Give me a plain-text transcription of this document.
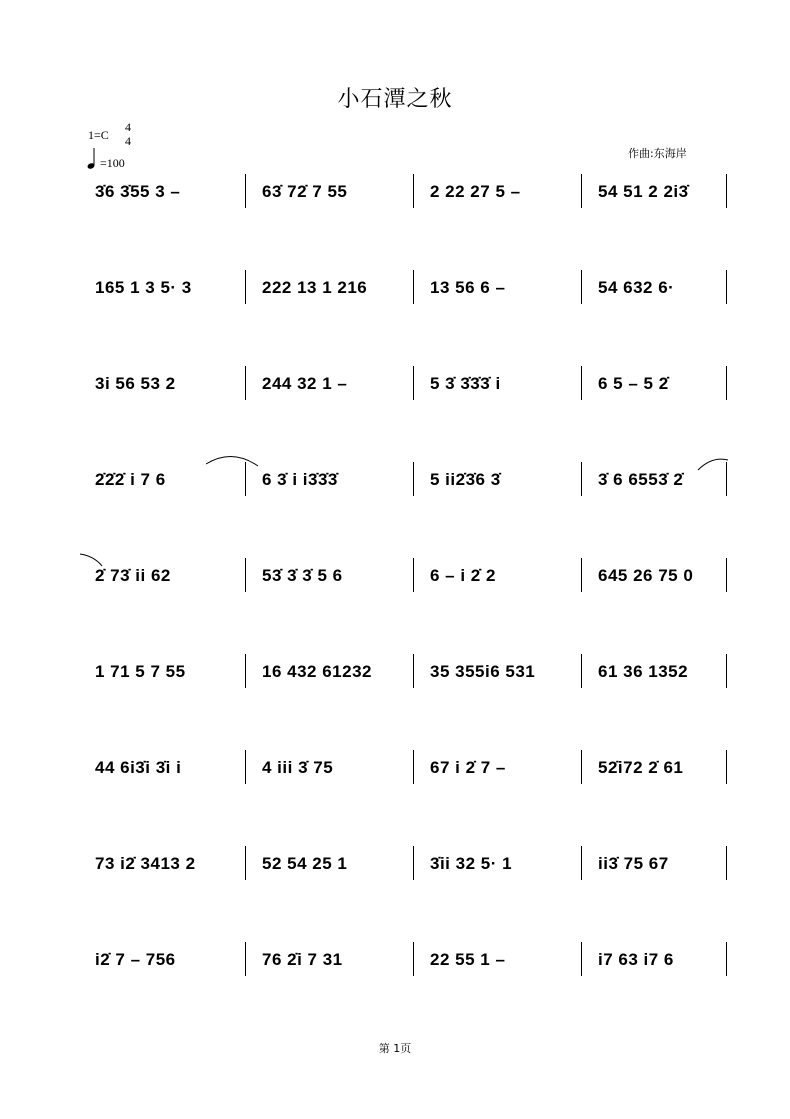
小石潭之秋
1=C
4
4
=100
作曲:东海岸
3̇6 3̇55 3 –	63̇ 72̇ 7 55	2 22 27 5 –	54 51 2 2i3̇
165 1 3 5· 3	222 13 1 216	13 56 6 –	54 632 6·
3i 56 53 2	244 32 1 –	5 3̇ 3̇3̇3̇ i	6 5 – 5 2̇
2̇2̇2̇ i 7 6	6 3̇ i i3̇3̇3̇	5 ii2̇3̇6 3̇	3̇ 6 6553̇ 2̇
2̇ 73̇ ii 62	53̇ 3̇ 3̇ 5 6	6 – i 2̇ 2	645 26 75 0
1 71 5 7 55	16 432 61232	35 355i6 531	61 36 1352
44 6i3̇i 3̇i i	4 iii 3̇ 75	67 i 2̇ 7 –	52̇i72 2̇ 61
73 i2̇ 3413 2	52 54 25 1	3̇ii 32 5· 1	ii3̇ 75 67
i2̇ 7 – 756	76 2̇i 7 31	22 55 1 –	i7 63 i7 6
第 1页
